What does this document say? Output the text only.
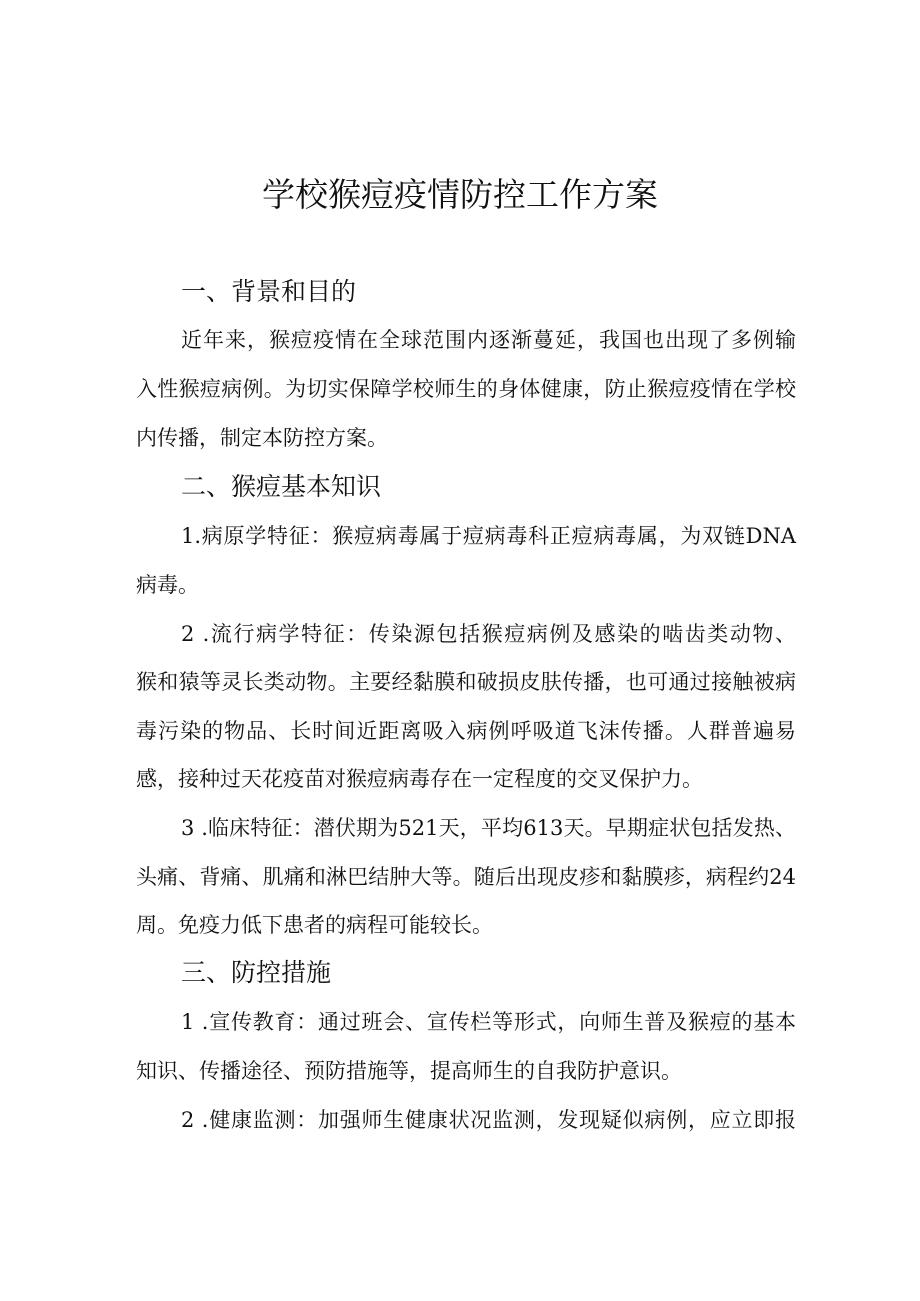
学校猴痘疫情防控工作方案
一、背景和目的
近年来，猴痘疫情在全球范围内逐渐蔓延，我国也出现了多例输
入性猴痘病例。为切实保障学校师生的身体健康，防止猴痘疫情在学校
内传播，制定本防控方案。
二、猴痘基本知识
1.病原学特征：猴痘病毒属于痘病毒科正痘病毒属，为双链DNA
病毒。
2 .流行病学特征：传染源包括猴痘病例及感染的啮齿类动物、
猴和猿等灵长类动物。主要经黏膜和破损皮肤传播，也可通过接触被病
毒污染的物品、长时间近距离吸入病例呼吸道飞沫传播。人群普遍易
感，接种过天花疫苗对猴痘病毒存在一定程度的交叉保护力。
3 .临床特征：潜伏期为521天，平均613天。早期症状包括发热、
头痛、背痛、肌痛和淋巴结肿大等。随后出现皮疹和黏膜疹，病程约24
周。免疫力低下患者的病程可能较长。
三、防控措施
1 .宣传教育：通过班会、宣传栏等形式，向师生普及猴痘的基本
知识、传播途径、预防措施等，提高师生的自我防护意识。
2 .健康监测：加强师生健康状况监测，发现疑似病例，应立即报
